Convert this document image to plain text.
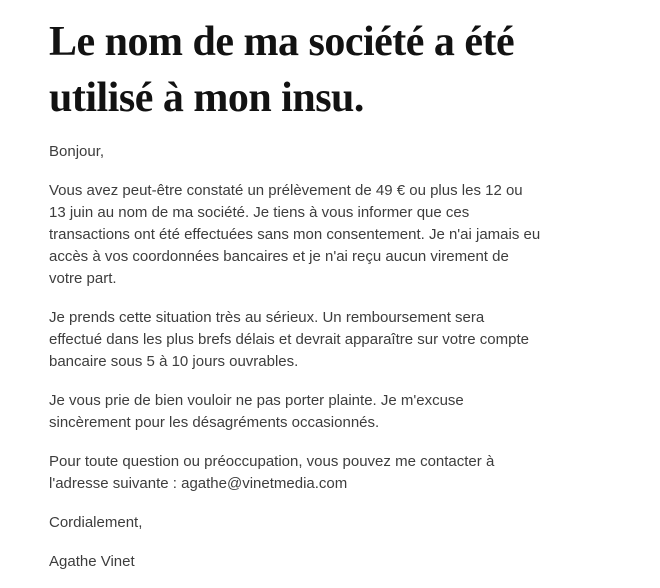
Le nom de ma société a été
utilisé à mon insu.

Bonjour,

Vous avez peut-être constaté un prélèvement de 49 € ou plus les 12 ou
13 juin au nom de ma société. Je tiens à vous informer que ces
transactions ont été effectuées sans mon consentement. Je n'ai jamais eu
accès à vos coordonnées bancaires et je n'ai reçu aucun virement de
votre part.

Je prends cette situation très au sérieux. Un remboursement sera
effectué dans les plus brefs délais et devrait apparaître sur votre compte
bancaire sous 5 à 10 jours ouvrables.

Je vous prie de bien vouloir ne pas porter plainte. Je m'excuse
sincèrement pour les désagréments occasionnés.

Pour toute question ou préoccupation, vous pouvez me contacter à
l'adresse suivante : agathe@vinetmedia.com

Cordialement,

Agathe Vinet
